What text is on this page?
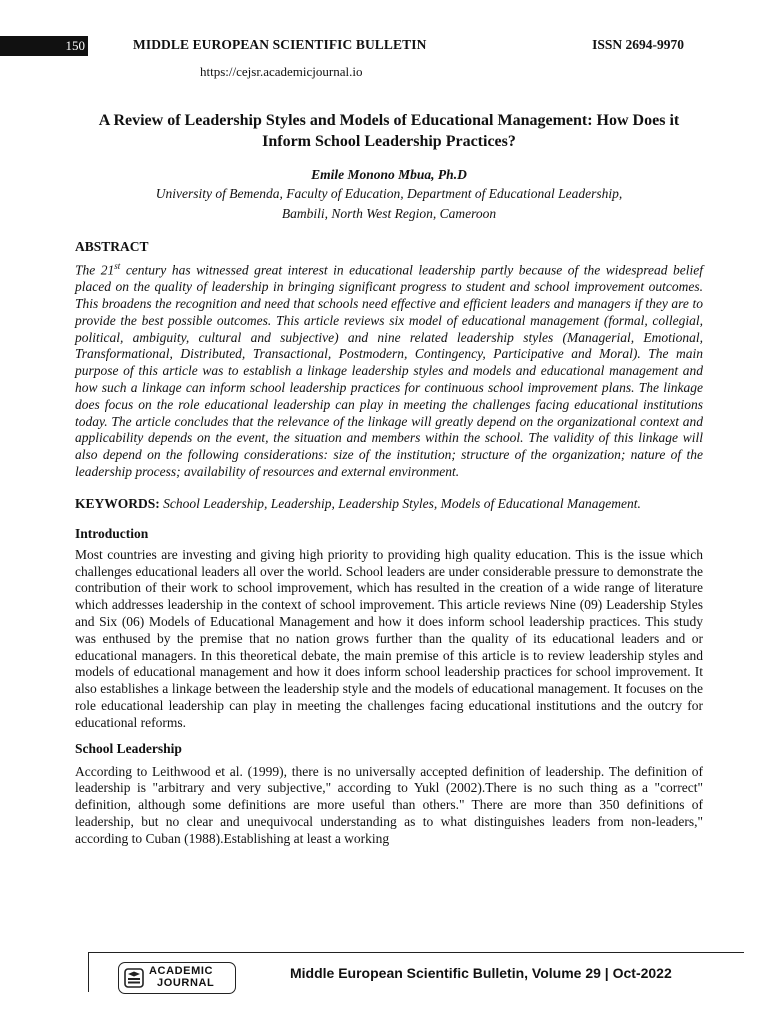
150	MIDDLE EUROPEAN SCIENTIFIC BULLETIN	ISSN 2694-9970
https://cejsr.academicjournal.io
A Review of Leadership Styles and Models of Educational Management: How Does it Inform School Leadership Practices?
Emile Monono Mbua, Ph.D
University of Bemenda, Faculty of Education, Department of Educational Leadership,
Bambili, North West Region, Cameroon
ABSTRACT
The 21st century has witnessed great interest in educational leadership partly because of the widespread belief placed on the quality of leadership in bringing significant progress to student and school improvement outcomes. This broadens the recognition and need that schools need effective and efficient leaders and managers if they are to provide the best possible outcomes. This article reviews six model of educational management (formal, collegial, political, ambiguity, cultural and subjective) and nine related leadership styles (Managerial, Emotional, Transformational, Distributed, Transactional, Postmodern, Contingency, Participative and Moral). The main purpose of this article was to establish a linkage leadership styles and models and educational management and how such a linkage can inform school leadership practices for continuous school improvement plans. The linkage does focus on the role educational leadership can play in meeting the challenges facing educational institutions today. The article concludes that the relevance of the linkage will greatly depend on the organizational context and applicability depends on the event, the situation and members within the school. The validity of this linkage will also depend on the following considerations: size of the institution; structure of the organization; nature of the leadership process; availability of resources and external environment.
KEYWORDS: School Leadership, Leadership, Leadership Styles, Models of Educational Management.
Introduction
Most countries are investing and giving high priority to providing high quality education. This is the issue which challenges educational leaders all over the world. School leaders are under considerable pressure to demonstrate the contribution of their work to school improvement, which has resulted in the creation of a wide range of literature which addresses leadership in the context of school improvement. This article reviews Nine (09) Leadership Styles and Six (06) Models of Educational Management and how it does inform school leadership practices. This study was enthused by the premise that no nation grows further than the quality of its educational leaders and or educational managers. In this theoretical debate, the main premise of this article is to review leadership styles and models of educational management and how it does inform school leadership practices for school improvement. It also establishes a linkage between the leadership style and the models of educational management. It focuses on the role educational leadership can play in meeting the challenges facing educational institutions and the outcry for educational reforms.
School Leadership
According to Leithwood et al. (1999), there is no universally accepted definition of leadership. The definition of leadership is "arbitrary and very subjective," according to Yukl (2002).There is no such thing as a "correct" definition, although some definitions are more useful than others." There are more than 350 definitions of leadership, but no clear and unequivocal understanding as to what distinguishes leaders from non-leaders," according to Cuban (1988).Establishing at least a working
ACADEMIC
JOURNAL
Middle European Scientific Bulletin, Volume 29 | Oct-2022
